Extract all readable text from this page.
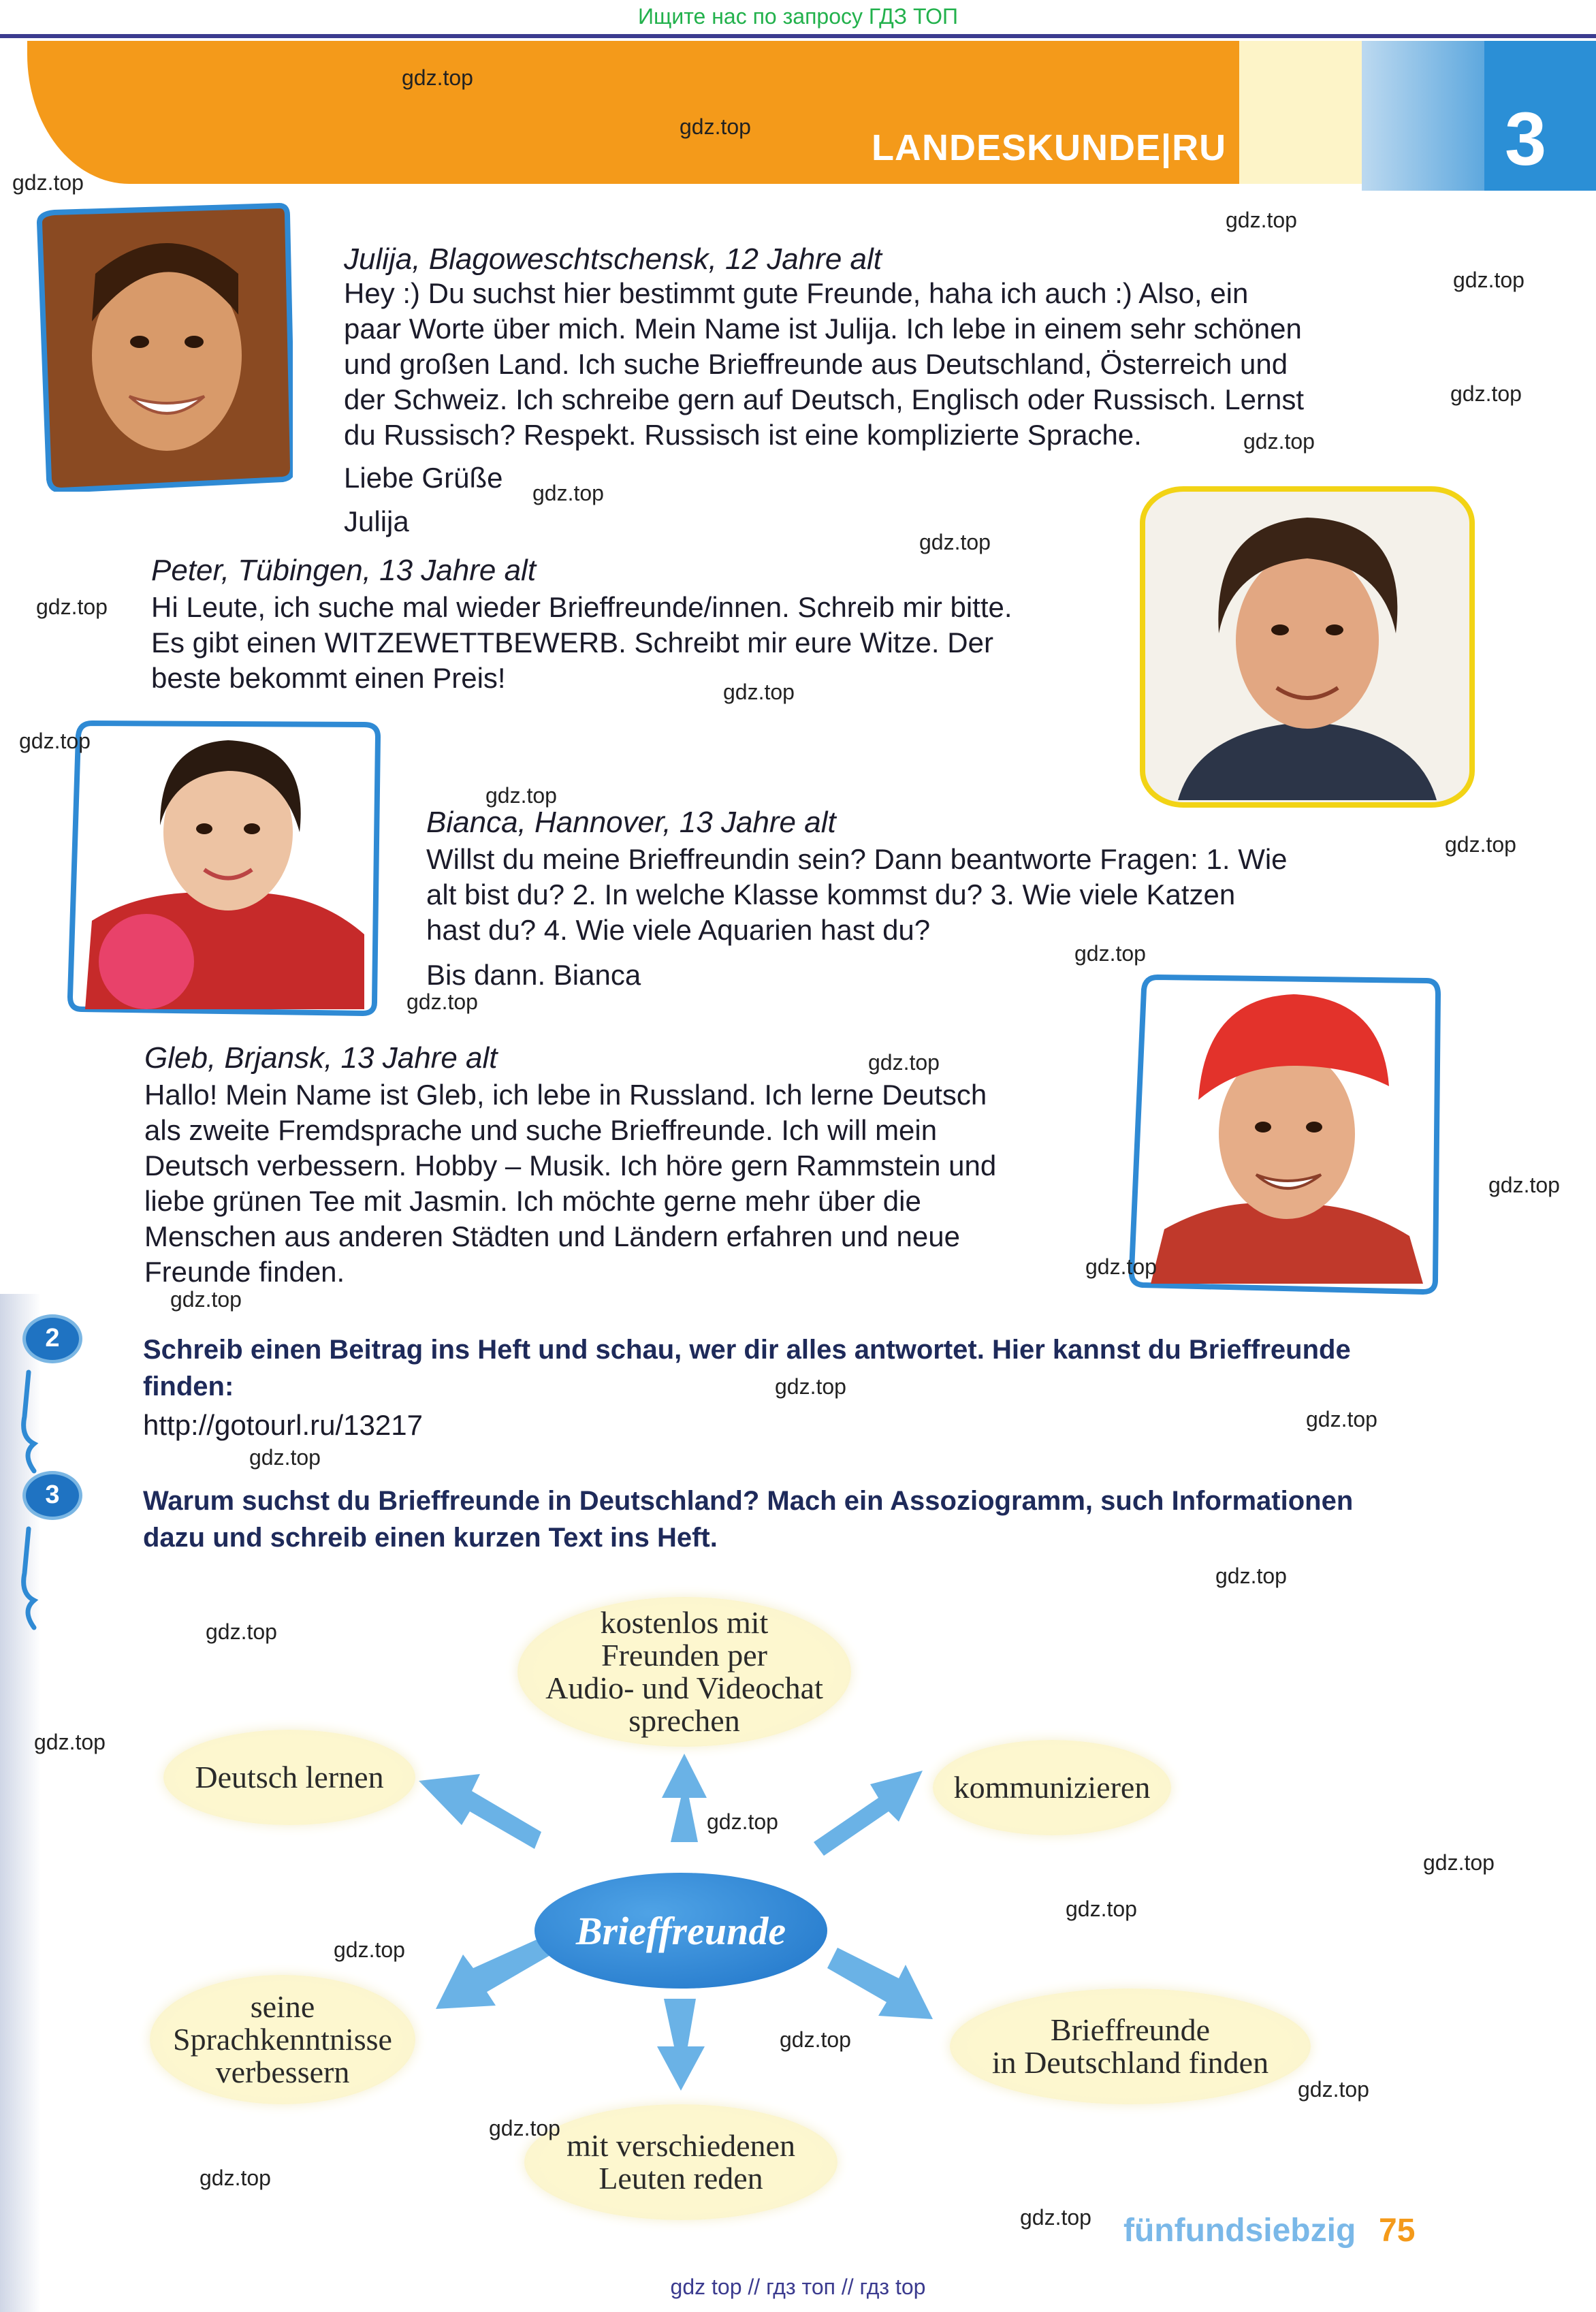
Ищите нас по запросу ГДЗ ТОП
LANDESKUNDE|RU	3
Julija, Blagoweschtschensk, 12 Jahre alt
Hey :) Du suchst hier bestimmt gute Freunde, haha ich auch :) Also, ein
paar Worte über mich. Mein Name ist Julija. Ich lebe in einem sehr schönen
und großen Land. Ich suche Brieffreunde aus Deutschland, Österreich und
der Schweiz. Ich schreibe gern auf Deutsch, Englisch oder Russisch. Lernst
du Russisch? Respekt. Russisch ist eine komplizierte Sprache.
Liebe Grüße
Julija
Peter, Tübingen, 13 Jahre alt
Hi Leute, ich suche mal wieder Brieffreunde/innen. Schreib mir bitte.
Es gibt einen WITZEWETTBEWERB. Schreibt mir eure Witze. Der
beste bekommt einen Preis!
Bianca, Hannover, 13 Jahre alt
Willst du meine Brieffreundin sein? Dann beantworte Fragen: 1. Wie
alt bist du? 2. In welche Klasse kommst du? 3. Wie viele Katzen
hast du? 4. Wie viele Aquarien hast du?
Bis dann. Bianca
Gleb, Brjansk, 13 Jahre alt
Hallo! Mein Name ist Gleb, ich lebe in Russland. Ich lerne Deutsch
als zweite Fremdsprache und suche Brieffreunde. Ich will mein
Deutsch verbessern. Hobby – Musik. Ich höre gern Rammstein und
liebe grünen Tee mit Jasmin. Ich möchte gerne mehr über die
Menschen aus anderen Städten und Ländern erfahren und neue
Freunde finden.
2	Schreib einen Beitrag ins Heft und schau, wer dir alles antwortet. Hier kannst du Brieffreunde
finden:
http://gotourl.ru/13217
3	Warum suchst du Brieffreunde in Deutschland? Mach ein Assoziogramm, such Informationen
dazu und schreib einen kurzen Text ins Heft.
Brieffreunde
kostenlos mit
Freunden per
Audio- und Videochat
sprechen
Deutsch lernen	kommunizieren
seine
Sprachkenntnisse
verbessern
Brieffreunde
in Deutschland finden
mit verschiedenen
Leuten reden
gdz.top
gdz.top
gdz.top
gdz.top
gdz.top
gdz.top
gdz.top
gdz.top
gdz.top
gdz.top
gdz.top
gdz.top
gdz.top
gdz.top
gdz.top
gdz.top
gdz.top
gdz.top
gdz.top
gdz.top
gdz.top
gdz.top
gdz.top
gdz.top
gdz.top
gdz.top
gdz.top
gdz.top
gdz.top
gdz.top
gdz.top
gdz.top
gdz.top
gdz.top
gdz.top fünfundsiebzig 75
gdz top // гдз топ // гдз top
